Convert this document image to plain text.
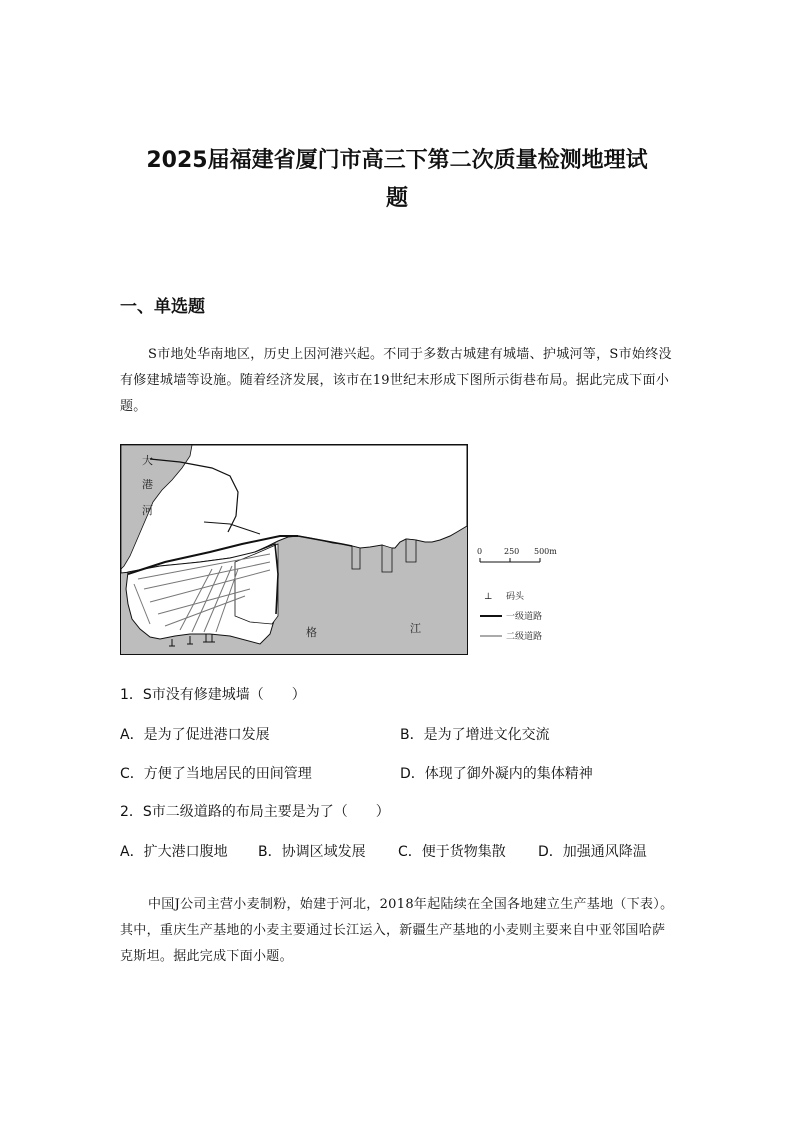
2025届福建省厦门市高三下第二次质量检测地理试
题
一、单选题

S市地处华南地区，历史上因河港兴起。不同于多数古城建有城墙、护城河等，S市始终没有修建城墙等设施。随着经济发展，该市在19世纪末形成下图所示街巷布局。据此完成下面小题。

大
港
河
格	江
0	250 500m
⊥ 码头
一级道路
二级道路

1．S市没有修建城墙（　　）

A．是为了促进港口发展	B．是为了增进文化交流

C．方便了当地居民的田间管理	D．体现了御外凝内的集体精神

2．S市二级道路的布局主要是为了（　　）

A．扩大港口腹地 B．协调区域发展 C．便于货物集散 D．加强通风降温

中国J公司主营小麦制粉，始建于河北，2018年起陆续在全国各地建立生产基地（下表）。其中，重庆生产基地的小麦主要通过长江运入，新疆生产基地的小麦则主要来自中亚邻国哈萨克斯坦。据此完成下面小题。
